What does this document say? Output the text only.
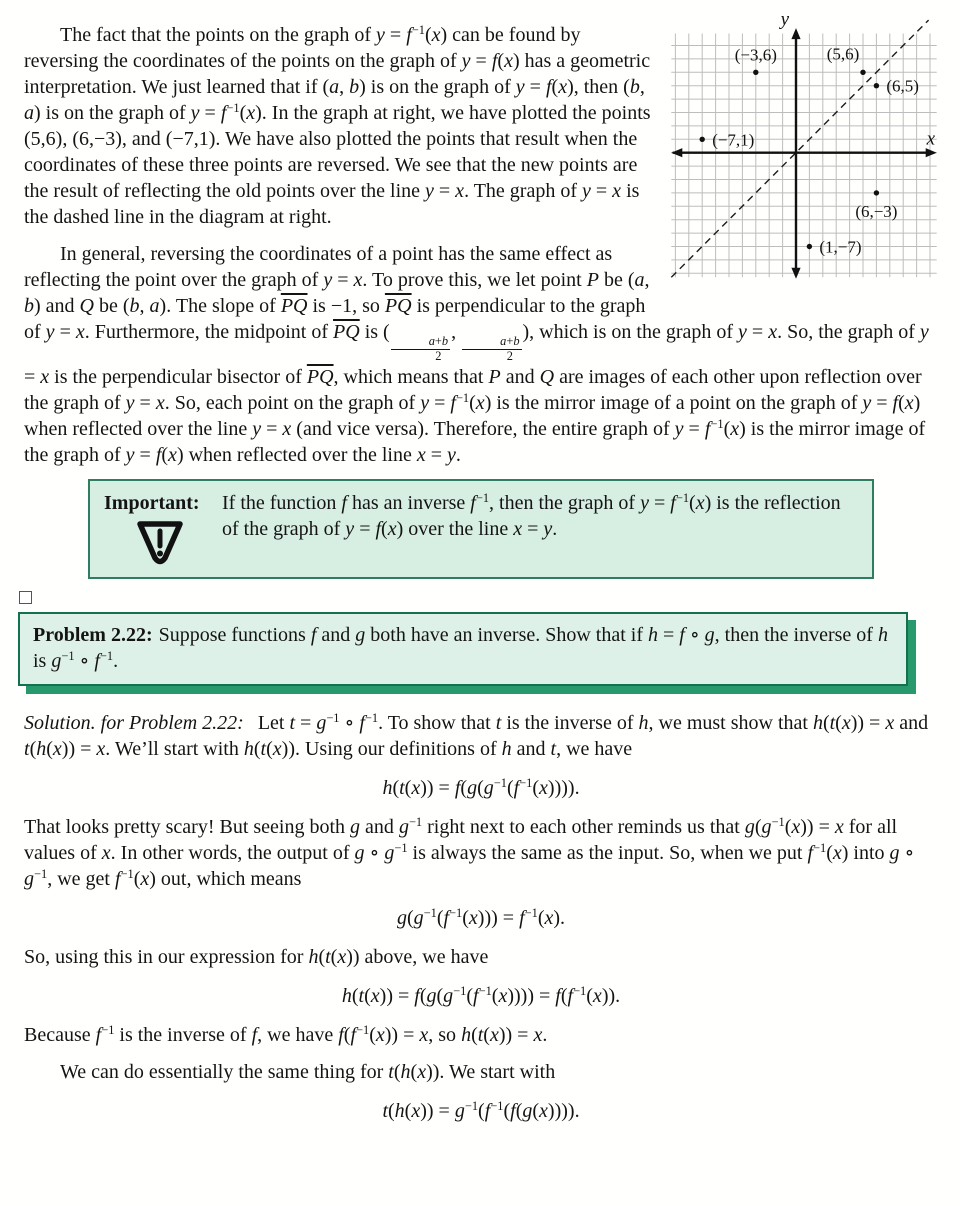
y
x
(−3,6)	(5,6)
(6,5)
(−7,1)
(6,−3)
(1,−7)

The fact that the points on the graph of $y = f^{-1}(x)$ can be found by reversing the coordinates of the points on the graph of y = f(x) has a geometric interpretation. We just learned that if (a, b) is on the graph of y = f(x), then (b, a) is on the graph of $y = f^{-1}(x)$. In the graph at right, we have plotted the points (5,6), (6,−3), and (−7,1). We have also plotted the points that result when the coordinates of these three points are reversed. We see that the new points are the result of reflecting the old points over the line y = x. The graph of y = x is the dashed line in the diagram at right.

In general, reversing the coordinates of a point has the same effect as reflecting the point over the graph of y = x. To prove this, we let point P be (a, b) and Q be (b, a). The slope of $\overline{PQ}$ is −1, so $\overline{PQ}$ is perpendicular to the graph of y = x. Furthermore, the midpoint of $\overline{PQ}$ is (
$\frac{a+b}{2}$
,
$\frac{a+b}{2}$
), which is on the graph of y = x. So, the graph of y = x is the perpendicular bisector of $\overline{PQ}$, which means that P and Q are images of each other upon reflection over the graph of y = x. So, each point on the graph of $y = f^{-1}(x)$ is the mirror image of a point on the graph of y = f(x) when reflected over the line y = x (and vice versa). Therefore, the entire graph of $y = f^{-1}(x)$ is the mirror image of the graph of y = f(x) when reflected over the line x = y.

Important:	If the function f has an inverse $f^{-1}$, then the graph of $y = f^{-1}(x)$ is the reflection of the graph of y = f(x) over the line x = y.
Problem 2.22: Suppose functions f and g both have an inverse. Show that if h = f ∘ g, then the inverse of h is $g^{-1}$ ∘ $f^{-1}$.

Solution. for Problem 2.22: Let $t = g^{-1}$ ∘ $f^{-1}$. To show that t is the inverse of h, we must show that h(t(x)) = x and t(h(x)) = x. We’ll start with h(t(x)). Using our definitions of h and t, we have

$h(t(x)) = f(g(g^{-1}(f^{-1}(x))))$.

That looks pretty scary! But seeing both g and $g^{-1}$ right next to each other reminds us that $g(g^{-1}(x)) = x$ for all values of x. In other words, the output of g ∘ $g^{-1}$ is always the same as the input. So, when we put $f^{-1}(x)$ into g ∘ $g^{-1}$, we get $f^{-1}(x)$ out, which means

$g(g^{-1}(f^{-1}(x))) = f^{-1}(x)$.

So, using this in our expression for h(t(x)) above, we have

$h(t(x)) = f(g(g^{-1}(f^{-1}(x)))) = f(f^{-1}(x))$.

Because $f^{-1}$ is the inverse of f, we have $f(f^{-1}(x)) = x$, so h(t(x)) = x.

We can do essentially the same thing for t(h(x)). We start with

$t(h(x)) = g^{-1}(f^{-1}(f(g(x))))$.
